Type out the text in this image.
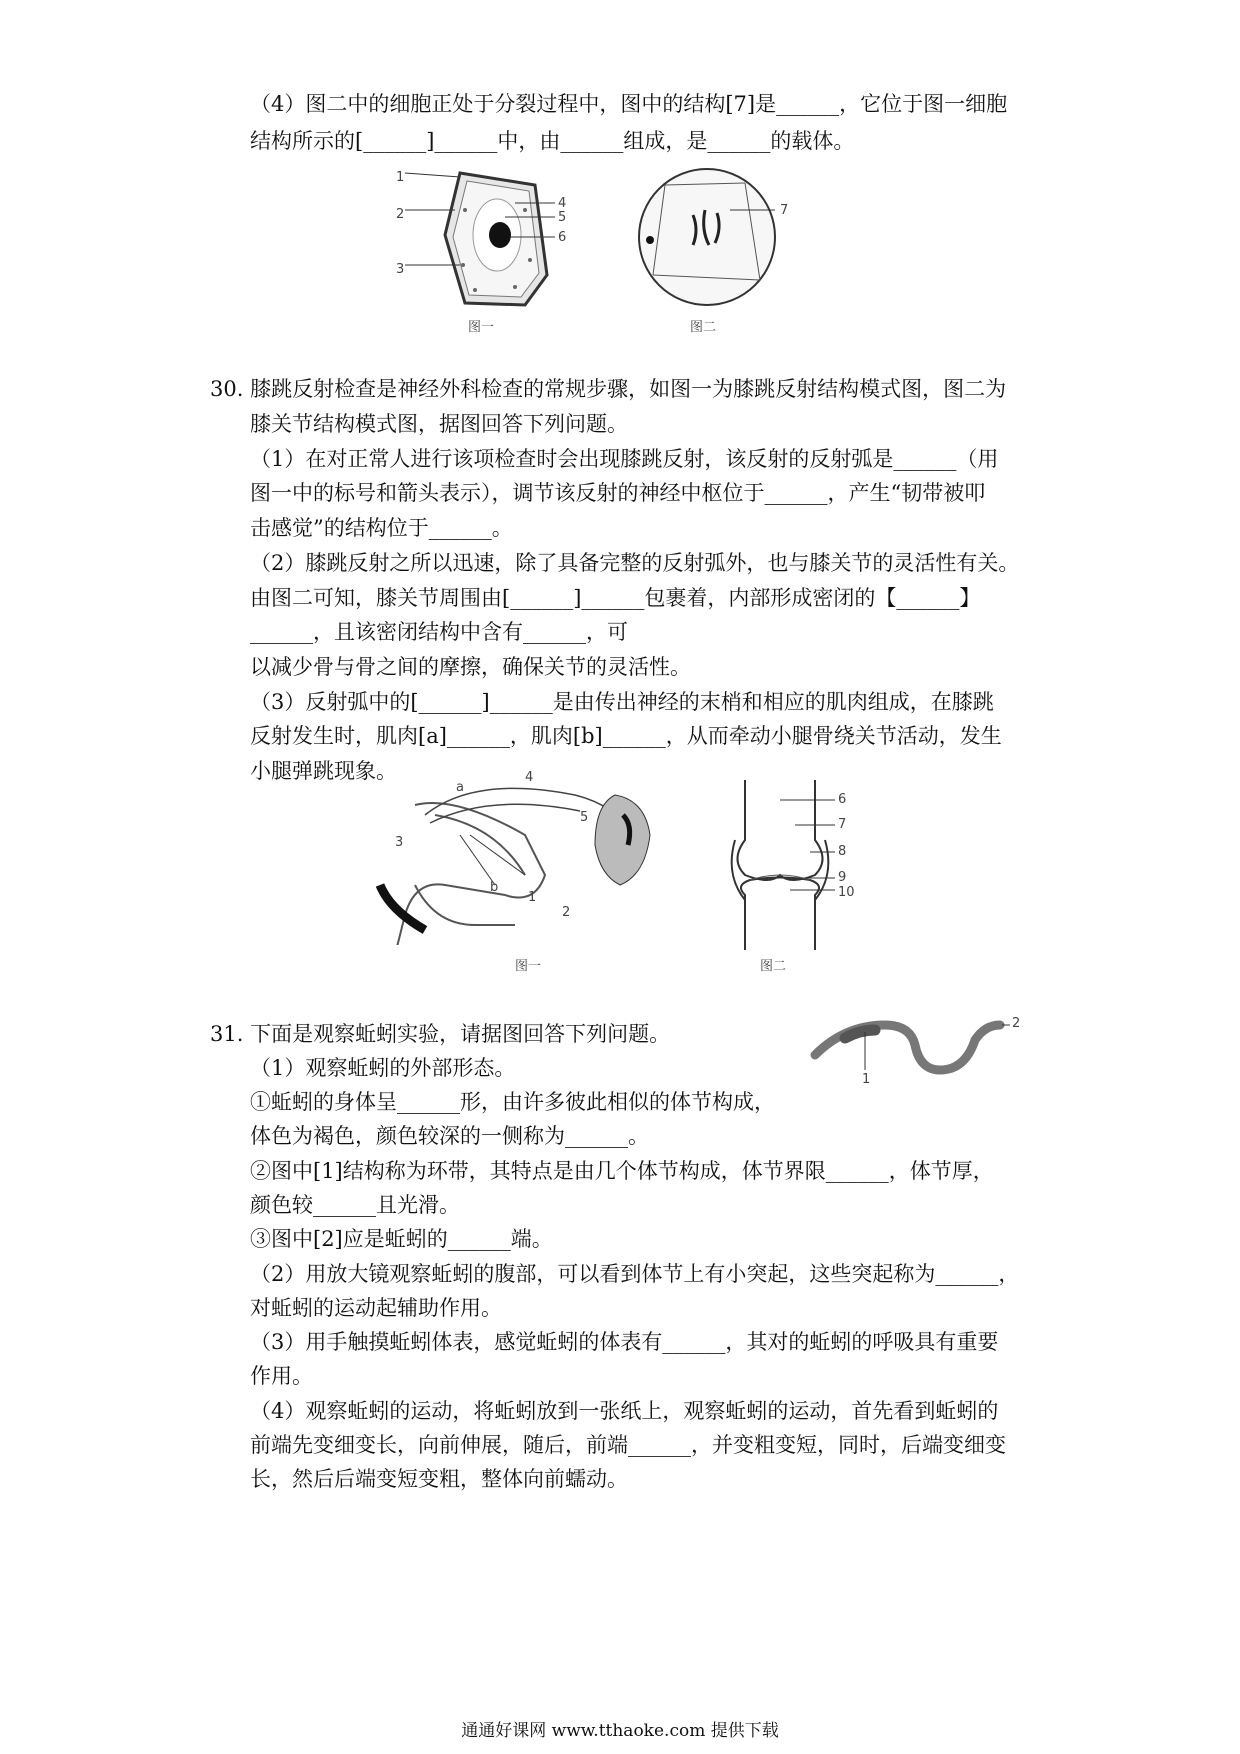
（4）图二中的细胞正处于分裂过程中，图中的结构[7]是______，它位于图一细胞
结构所示的[______]______中，由______组成，是______的载体。
1
2
3
4
5
6
图一
7
图二
30. 膝跳反射检查是神经外科检查的常规步骤，如图一为膝跳反射结构模式图，图二为
膝关节结构模式图，据图回答下列问题。
（1）在对正常人进行该项检查时会出现膝跳反射，该反射的反射弧是______（用
图一中的标号和箭头表示），调节该反射的神经中枢位于______，产生“韧带被叩
击感觉”的结构位于______。
（2）膝跳反射之所以迅速，除了具备完整的反射弧外，也与膝关节的灵活性有关。
由图二可知，膝关节周围由[______]______包裹着，内部形成密闭的【______】
______，且该密闭结构中含有______，可
以减少骨与骨之间的摩擦，确保关节的灵活性。
（3）反射弧中的[______]______是由传出神经的末梢和相应的肌肉组成，在膝跳
反射发生时，肌肉[a]______，肌肉[b]______，从而牵动小腿骨绕关节活动，发生
小腿弹跳现象。
a
4
3
5
b
1
2
图一
6
7
8
9
10
图二
31. 下面是观察蚯蚓实验，请据图回答下列问题。
（1）观察蚯蚓的外部形态。
①蚯蚓的身体呈______形，由许多彼此相似的体节构成，
体色为褐色，颜色较深的一侧称为______。
②图中[1]结构称为环带，其特点是由几个体节构成，体节界限______，体节厚，
颜色较______且光滑。
③图中[2]应是蚯蚓的______端。
（2）用放大镜观察蚯蚓的腹部，可以看到体节上有小突起，这些突起称为______，
对蚯蚓的运动起辅助作用。
（3）用手触摸蚯蚓体表，感觉蚯蚓的体表有______，其对的蚯蚓的呼吸具有重要
作用。
（4）观察蚯蚓的运动，将蚯蚓放到一张纸上，观察蚯蚓的运动，首先看到蚯蚓的
前端先变细变长，向前伸展，随后，前端______，并变粗变短，同时，后端变细变
长，然后后端变短变粗，整体向前蠕动。
1
2
通通好课网 www.tthaoke.com 提供下载
